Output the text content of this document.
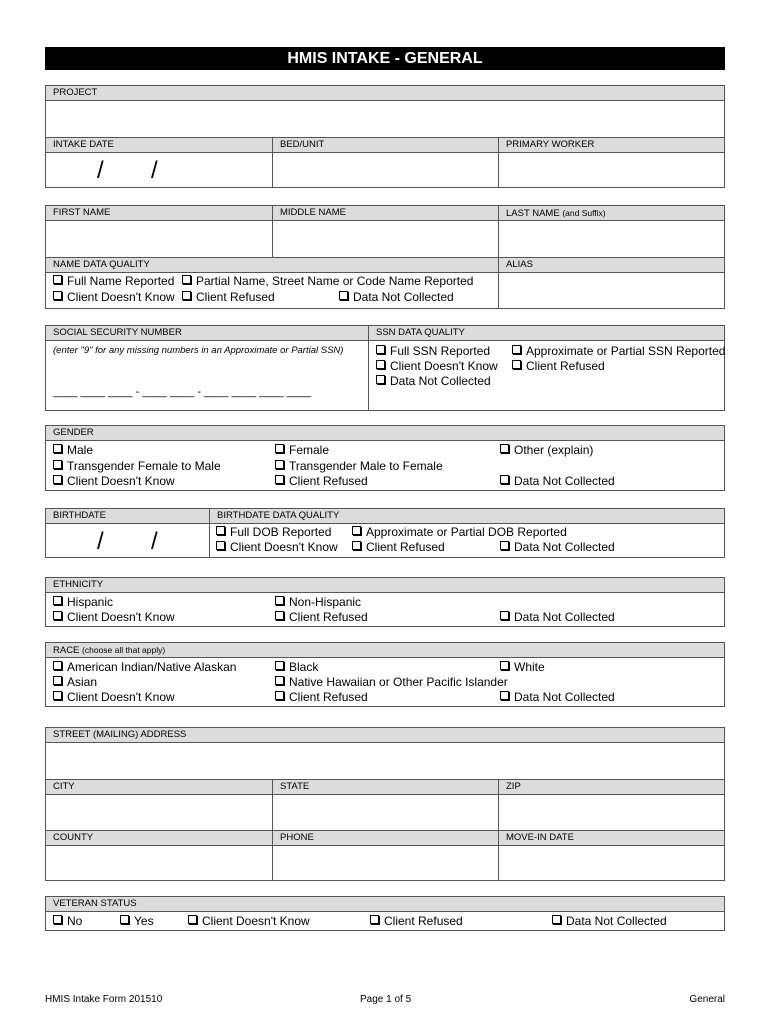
HMIS INTAKE - GENERAL
PROJECT
INTAKE DATE	BED/UNIT	PRIMARY WORKER
/ /
FIRST NAME	MIDDLE NAME	LAST NAME (and Suffix)
NAME DATA QUALITY	ALIAS
Full Name Reported	Partial Name, Street Name or Code Name Reported
Client Doesn't Know	Client Refused	Data Not Collected
SOCIAL SECURITY NUMBER	SSN DATA QUALITY
(enter "9" for any missing numbers in an Approximate or Partial SSN)
____ ____ ____ - ____ ____ - ____ ____ ____ ____
Full SSN Reported	Approximate or Partial SSN Reported
Client Doesn't Know	Client Refused
Data Not Collected
GENDER
Male	Female	Other (explain)
Transgender Female to Male	Transgender Male to Female
Client Doesn't Know	Client Refused	Data Not Collected
BIRTHDATE	BIRTHDATE DATA QUALITY
/ /	Full DOB Reported	Approximate or Partial DOB Reported
Client Doesn't Know	Client Refused	Data Not Collected
ETHNICITY
Hispanic	Non-Hispanic
Client Doesn't Know	Client Refused	Data Not Collected
RACE (choose all that apply)
American Indian/Native Alaskan	Black	White
Asian	Native Hawaiian or Other Pacific Islander
Client Doesn't Know	Client Refused	Data Not Collected
STREET (MAILING) ADDRESS
CITY	STATE	ZIP
COUNTY	PHONE	MOVE-IN DATE
VETERAN STATUS
No	Yes	Client Doesn't Know	Client Refused	Data Not Collected
HMIS Intake Form 201510	Page 1 of 5	General
